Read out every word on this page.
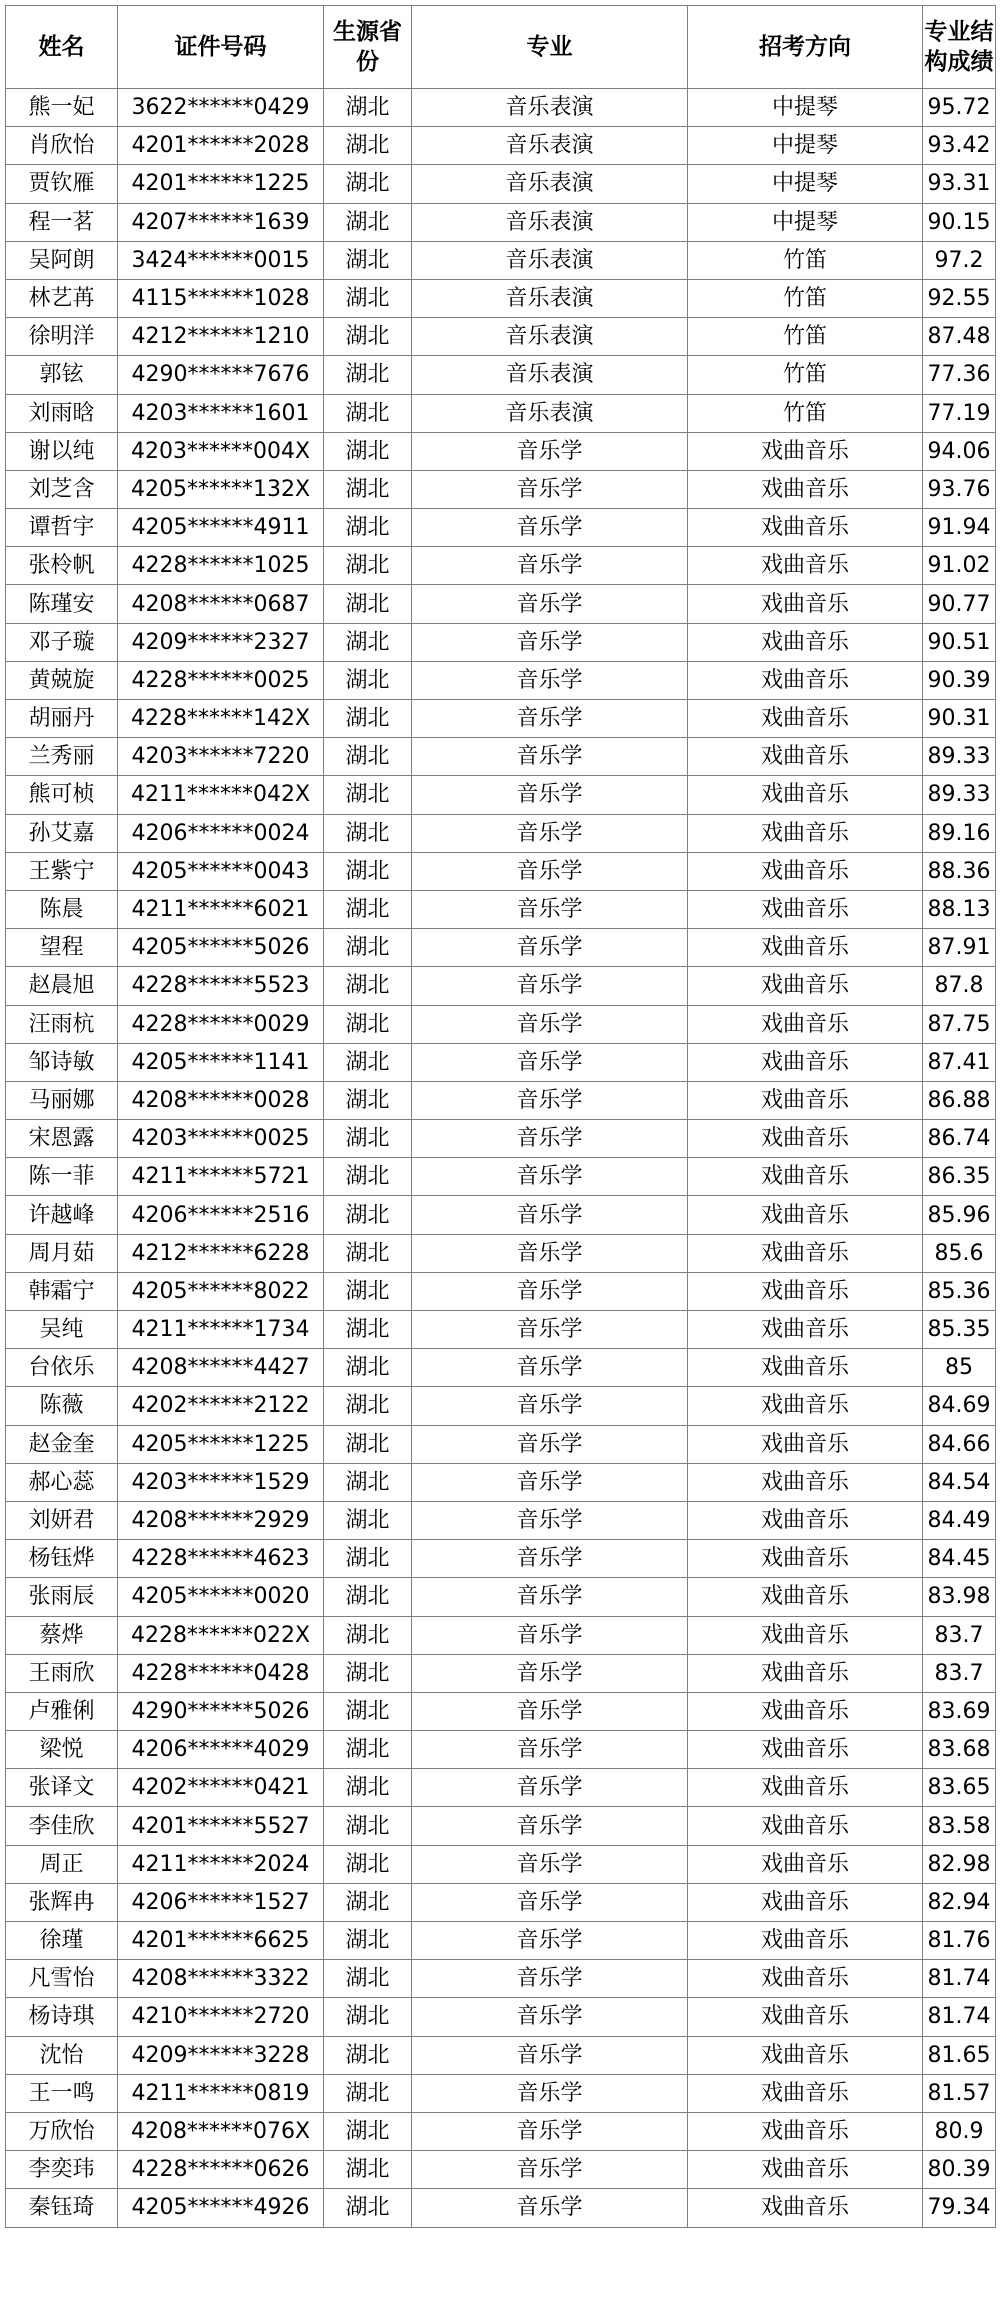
姓名	证件号码	生源省份	专业	招考方向	专业结构成绩
熊一妃	3622******0429	湖北	音乐表演	中提琴	95.72
肖欣怡	4201******2028	湖北	音乐表演	中提琴	93.42
贾钦雁	4201******1225	湖北	音乐表演	中提琴	93.31
程一茗	4207******1639	湖北	音乐表演	中提琴	90.15
吴阿朗	3424******0015	湖北	音乐表演	竹笛	97.2
林艺苒	4115******1028	湖北	音乐表演	竹笛	92.55
徐明洋	4212******1210	湖北	音乐表演	竹笛	87.48
郭铉	4290******7676	湖北	音乐表演	竹笛	77.36
刘雨晗	4203******1601	湖北	音乐表演	竹笛	77.19
谢以纯	4203******004X	湖北	音乐学	戏曲音乐	94.06
刘芝含	4205******132X	湖北	音乐学	戏曲音乐	93.76
谭哲宇	4205******4911	湖北	音乐学	戏曲音乐	91.94
张柃帆	4228******1025	湖北	音乐学	戏曲音乐	91.02
陈瑾安	4208******0687	湖北	音乐学	戏曲音乐	90.77
邓子璇	4209******2327	湖北	音乐学	戏曲音乐	90.51
黄兢旋	4228******0025	湖北	音乐学	戏曲音乐	90.39
胡丽丹	4228******142X	湖北	音乐学	戏曲音乐	90.31
兰秀丽	4203******7220	湖北	音乐学	戏曲音乐	89.33
熊可桢	4211******042X	湖北	音乐学	戏曲音乐	89.33
孙艾嘉	4206******0024	湖北	音乐学	戏曲音乐	89.16
王紫宁	4205******0043	湖北	音乐学	戏曲音乐	88.36
陈晨	4211******6021	湖北	音乐学	戏曲音乐	88.13
望程	4205******5026	湖北	音乐学	戏曲音乐	87.91
赵晨旭	4228******5523	湖北	音乐学	戏曲音乐	87.8
汪雨杭	4228******0029	湖北	音乐学	戏曲音乐	87.75
邹诗敏	4205******1141	湖北	音乐学	戏曲音乐	87.41
马丽娜	4208******0028	湖北	音乐学	戏曲音乐	86.88
宋恩露	4203******0025	湖北	音乐学	戏曲音乐	86.74
陈一菲	4211******5721	湖北	音乐学	戏曲音乐	86.35
许越峰	4206******2516	湖北	音乐学	戏曲音乐	85.96
周月茹	4212******6228	湖北	音乐学	戏曲音乐	85.6
韩霜宁	4205******8022	湖北	音乐学	戏曲音乐	85.36
吴纯	4211******1734	湖北	音乐学	戏曲音乐	85.35
台依乐	4208******4427	湖北	音乐学	戏曲音乐	85
陈薇	4202******2122	湖北	音乐学	戏曲音乐	84.69
赵金奎	4205******1225	湖北	音乐学	戏曲音乐	84.66
郝心蕊	4203******1529	湖北	音乐学	戏曲音乐	84.54
刘妍君	4208******2929	湖北	音乐学	戏曲音乐	84.49
杨钰烨	4228******4623	湖北	音乐学	戏曲音乐	84.45
张雨辰	4205******0020	湖北	音乐学	戏曲音乐	83.98
蔡烨	4228******022X	湖北	音乐学	戏曲音乐	83.7
王雨欣	4228******0428	湖北	音乐学	戏曲音乐	83.7
卢雅俐	4290******5026	湖北	音乐学	戏曲音乐	83.69
梁悦	4206******4029	湖北	音乐学	戏曲音乐	83.68
张译文	4202******0421	湖北	音乐学	戏曲音乐	83.65
李佳欣	4201******5527	湖北	音乐学	戏曲音乐	83.58
周正	4211******2024	湖北	音乐学	戏曲音乐	82.98
张辉冉	4206******1527	湖北	音乐学	戏曲音乐	82.94
徐瑾	4201******6625	湖北	音乐学	戏曲音乐	81.76
凡雪怡	4208******3322	湖北	音乐学	戏曲音乐	81.74
杨诗琪	4210******2720	湖北	音乐学	戏曲音乐	81.74
沈怡	4209******3228	湖北	音乐学	戏曲音乐	81.65
王一鸣	4211******0819	湖北	音乐学	戏曲音乐	81.57
万欣怡	4208******076X	湖北	音乐学	戏曲音乐	80.9
李奕玮	4228******0626	湖北	音乐学	戏曲音乐	80.39
秦钰琦	4205******4926	湖北	音乐学	戏曲音乐	79.34
